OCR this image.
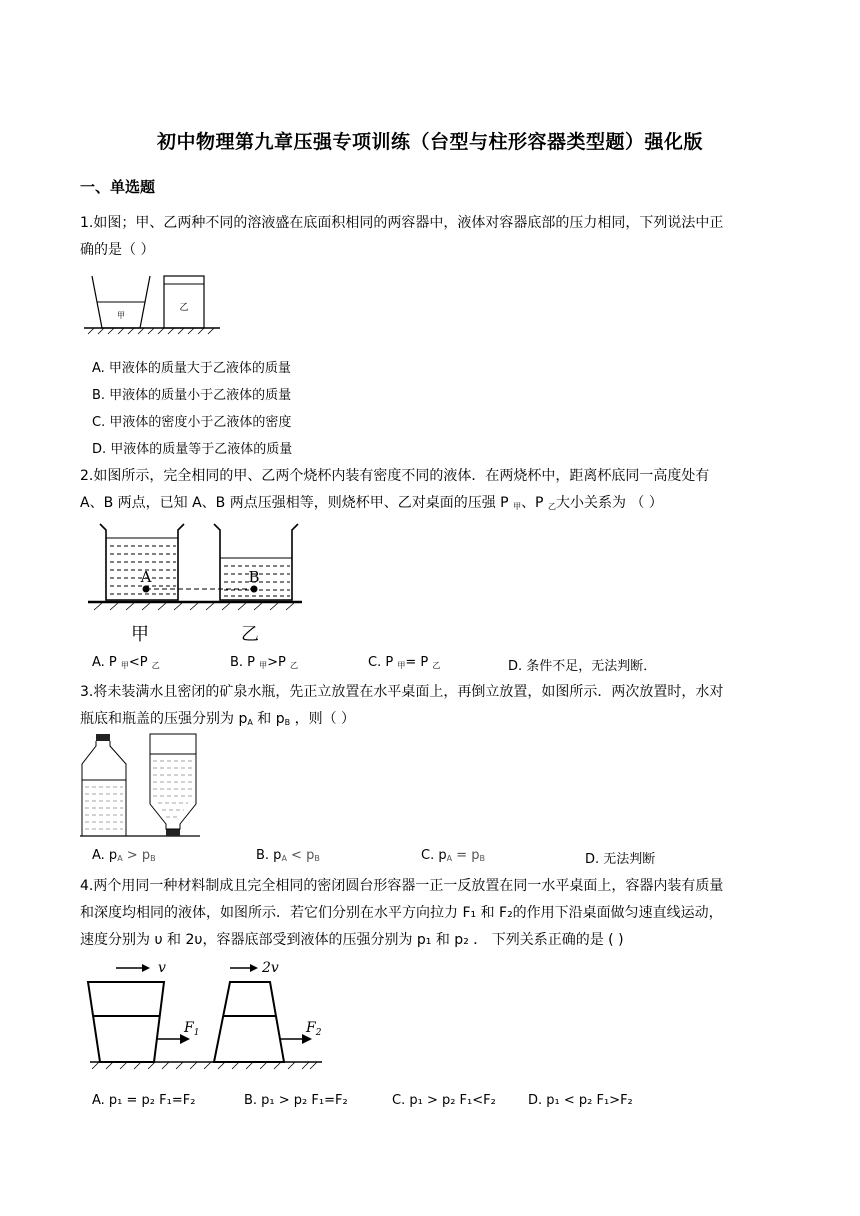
初中物理第九章压强专项训练（台型与柱形容器类型题）强化版
一、单选题
1.如图；甲、乙两种不同的溶液盛在底面积相同的两容器中，液体对容器底部的压力相同，下列说法中正
确的是（ ）
甲
乙
A. 甲液体的质量大于乙液体的质量
B. 甲液体的质量小于乙液体的质量
C. 甲液体的密度小于乙液体的密度
D. 甲液体的质量等于乙液体的质量
2.如图所示，完全相同的甲、乙两个烧杯内装有密度不同的液体．在两烧杯中，距离杯底同一高度处有
A、B 两点，已知 A、B 两点压强相等，则烧杯甲、乙对桌面的压强 P $_甲$、P $_乙$大小关系为 （ ）
A	B
甲	乙
A. P $_甲$<P $_乙$	B. P $_甲$>P $_乙$	C. P $_甲$= P $_乙$	D. 条件不足，无法判断．
3.将未装满水且密闭的矿泉水瓶，先正立放置在水平桌面上，再倒立放置，如图所示．两次放置时，水对
瓶底和瓶盖的压强分别为 $p_A$ 和 $p_B$ ，则（ ）
A. $p_A > p_B$	B. $p_A < p_B$	C. $p_A = p_B$	D. 无法判断
4.两个用同一种材料制成且完全相同的密闭圆台形容器一正一反放置在同一水平桌面上，容器内装有质量
和深度均相同的液体，如图所示．若它们分别在水平方向拉力 F₁ 和 F₂的作用下沿桌面做匀速直线运动，
速度分别为 υ 和 2υ，容器底部受到液体的压强分别为 p₁ 和 p₂ ． 下列关系正确的是 ( )
v
$F_1$
2v
$F_2$
A. p₁ = p₂ F₁=F₂	B. p₁ > p₂ F₁=F₂	C. p₁ > p₂ F₁<F₂ D. p₁ < p₂ F₁>F₂
